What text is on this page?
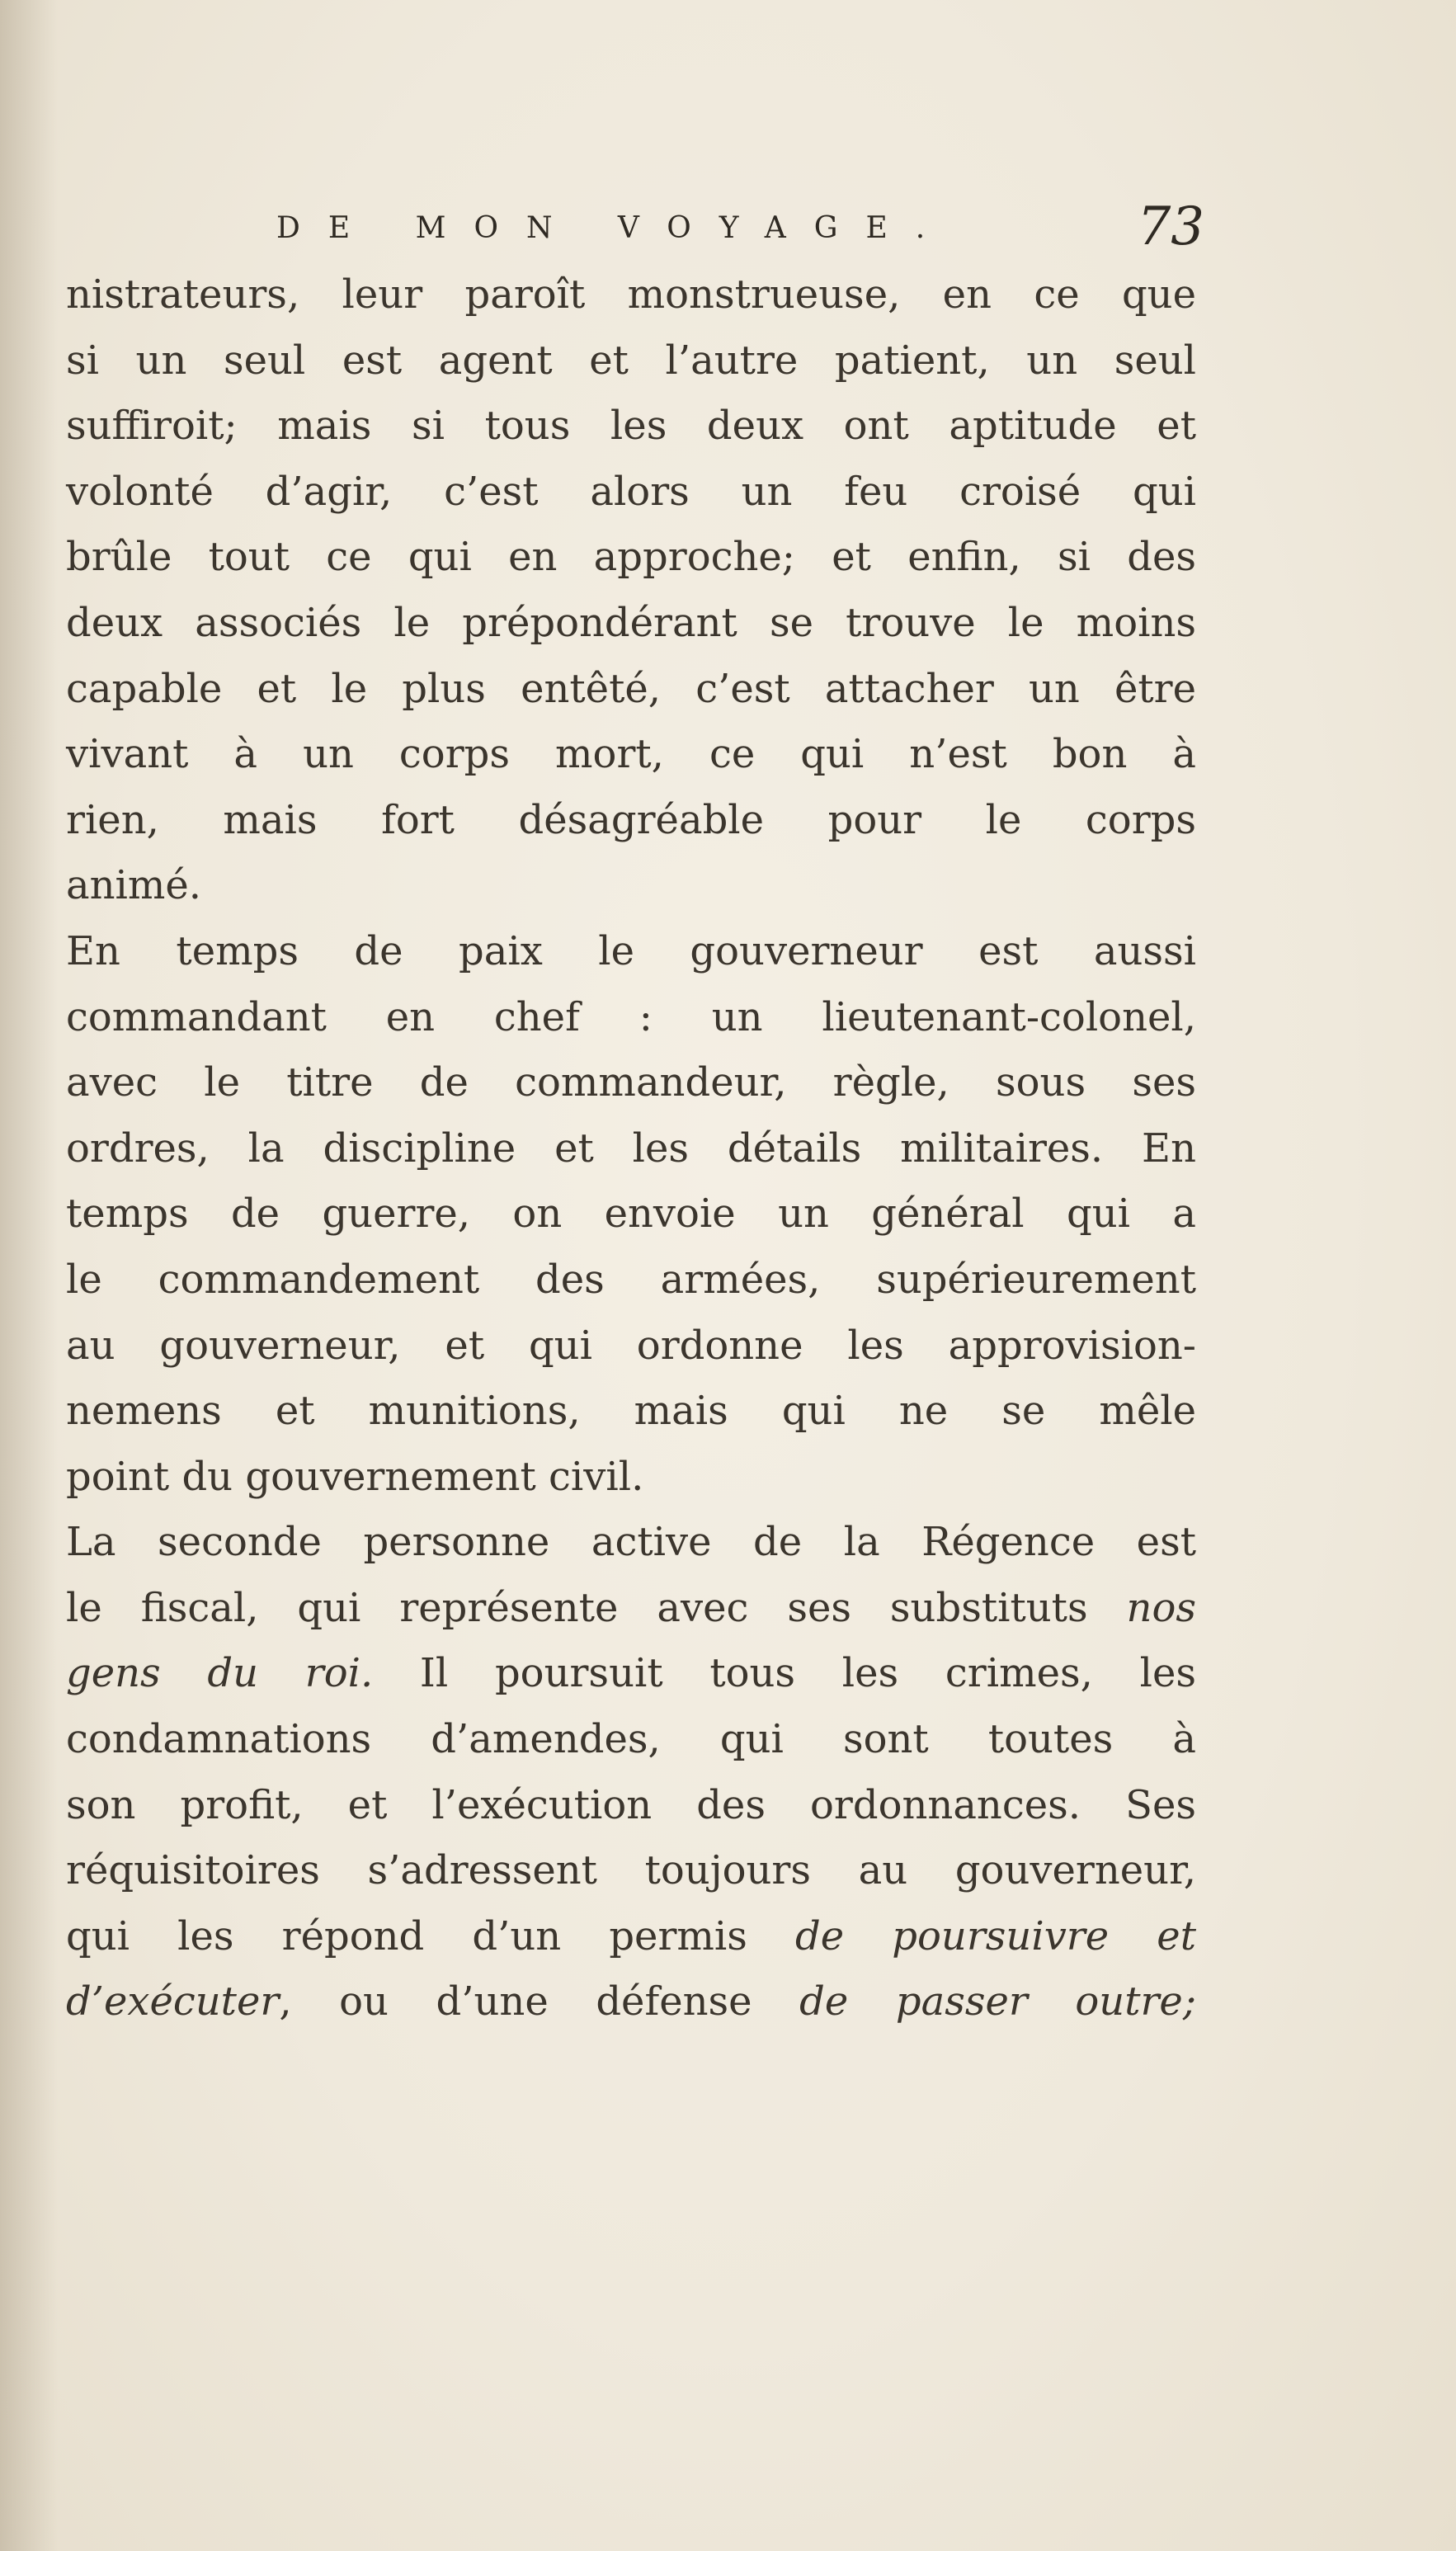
DE MON VOYAGE.	73
nistrateurs, leur paroît monstrueuse, en ce que
si un seul est agent et l’autre patient, un seul
suffiroit; mais si tous les deux ont aptitude et
volonté d’agir, c’est alors un feu croisé qui
brûle tout ce qui en approche; et enfin, si des
deux associés le prépondérant se trouve le moins
capable et le plus entêté, c’est attacher un être
vivant à un corps mort, ce qui n’est bon à
rien, mais fort désagréable pour le corps
animé.
En temps de paix le gouverneur est aussi
commandant en chef : un lieutenant-colonel,
avec le titre de commandeur, règle, sous ses
ordres, la discipline et les détails militaires. En
temps de guerre, on envoie un général qui a
le commandement des armées, supérieurement
au gouverneur, et qui ordonne les approvision-
nemens et munitions, mais qui ne se mêle
point du gouvernement civil.
La seconde personne active de la Régence est
le fiscal, qui représente avec ses substituts nos
gens du roi. Il poursuit tous les crimes, les
condamnations d’amendes, qui sont toutes à
son profit, et l’exécution des ordonnances. Ses
réquisitoires s’adressent toujours au gouverneur,
qui les répond d’un permis de poursuivre et
d’exécuter, ou d’une défense de passer outre;
